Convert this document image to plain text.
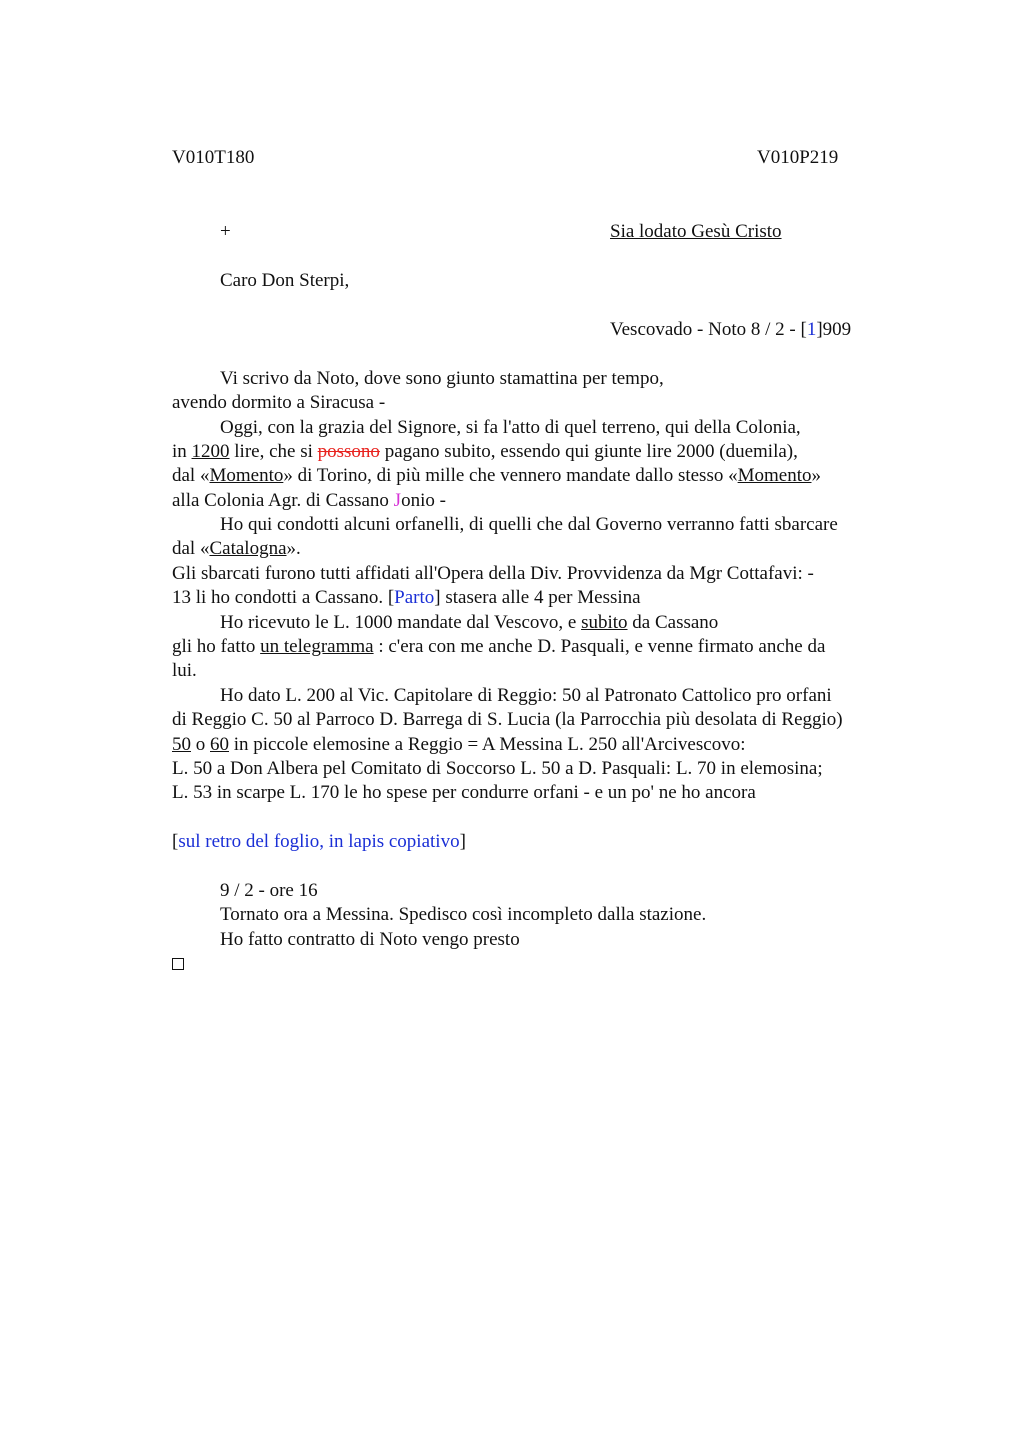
V010T180	V010P219
+	Sia lodato Gesù Cristo
Caro Don Sterpi,
Vescovado - Noto 8 / 2 - [1]909
Vi scrivo da Noto, dove sono giunto stamattina per tempo,
avendo dormito a Siracusa -
Oggi, con la grazia del Signore, si fa l'atto di quel terreno, qui della Colonia,
in 1200 lire, che si possono pagano subito, essendo qui giunte lire 2000 (duemila),
dal «Momento» di Torino, di più mille che vennero mandate dallo stesso «Momento»
alla Colonia Agr. di Cassano Jonio -
Ho qui condotti alcuni orfanelli, di quelli che dal Governo verranno fatti sbarcare
dal «Catalogna».
Gli sbarcati furono tutti affidati all'Opera della Div. Provvidenza da Mgr Cottafavi: -
13 li ho condotti a Cassano. [Parto] stasera alle 4 per Messina
Ho ricevuto le L. 1000 mandate dal Vescovo, e subito da Cassano
gli ho fatto un telegramma : c'era con me anche D. Pasquali, e venne firmato anche da
lui.
Ho dato L. 200 al Vic. Capitolare di Reggio: 50 al Patronato Cattolico pro orfani
di Reggio C. 50 al Parroco D. Barrega di S. Lucia (la Parrocchia più desolata di Reggio)
50 o 60 in piccole elemosine a Reggio = A Messina L. 250 all'Arcivescovo:
L. 50 a Don Albera pel Comitato di Soccorso L. 50 a D. Pasquali: L. 70 in elemosina;
L. 53 in scarpe L. 170 le ho spese per condurre orfani - e un po' ne ho ancora
[sul retro del foglio, in lapis copiativo]
9 / 2 - ore 16
Tornato ora a Messina. Spedisco così incompleto dalla stazione.
Ho fatto contratto di Noto vengo presto
